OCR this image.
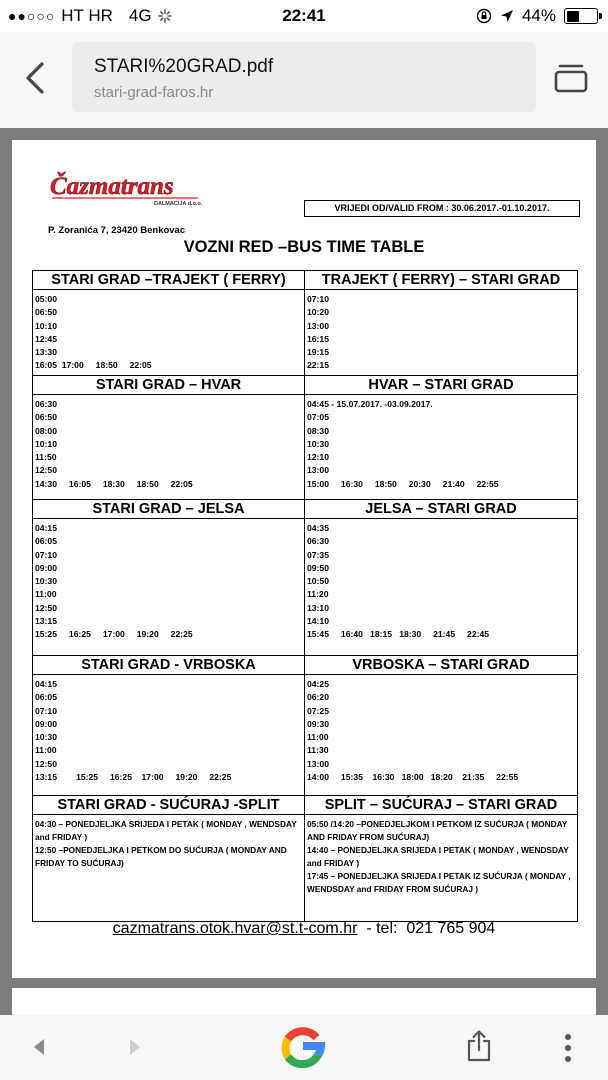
●●○○○ HT HR 4G	22:41	44%
STARI%20GRAD.pdf
stari-grad-faros.hr
Čazmatrans
DALMACIJA d.o.o.	VRIJEDI OD/VALID FROM : 30.06.2017.-01.10.2017.
P. Zoranića 7, 23420 Benkovac
VOZNI RED –BUS TIME TABLE
STARI GRAD –TRAJEKT ( FERRY)
05:00
06:50
10:10
12:45
13:30
16:05  17:00     18:50     22:05
TRAJEKT ( FERRY) – STARI GRAD
07:10
10:20
13:00
16:15
19:15
22:15
STARI GRAD – HVAR
06:30
06:50
08:00
10:10
11:50
12:50
14:30     16:05     18:30     18:50     22:05
HVAR – STARI GRAD
04:45 - 15.07.2017. -03.09.2017.
07:05
08:30
10:30
12:10
13:00
15:00     16:30     18:50     20:30     21:40     22:55
STARI GRAD – JELSA
04:15
06:05
07:10
09:00
10:30
11:00
12:50
13:15
15:25     16:25     17:00     19:20     22:25
JELSA – STARI GRAD
04:35
06:30
07:35
09:50
10:50
11:20
13:10
14:10
15:45     16:40   18:15   18:30     21:45     22:45
STARI GRAD - VRBOSKA
04:15
06:05
07:10
09:00
10:30
11:00
12:50
13:15        15:25     16:25    17:00     19:20     22:25
VRBOSKA – STARI GRAD
04:25
06:20
07:25
09:30
11:00
11:30
13:00
14:00     15:35    16:30   18:00   18:20    21:35     22:55
STARI GRAD - SUĆURAJ -SPLIT

04:30 – PONEDJELJKA SRIJEDA I PETAK ( MONDAY , WENDSDAY and FRIDAY )

12:50 –PONEDJELJKA I PETKOM DO SUĆURJA ( MONDAY AND FRIDAY TO SUĆURAJ)

SPLIT – SUĆURAJ – STARI GRAD

05:50 /14:20 –PONEDJELJKOM I PETKOM IZ SUĆURJA ( MONDAY AND FRIDAY FROM SUĆURAJ)

14:40 – PONEDJELJKA SRIJEDA I PETAK ( MONDAY , WENDSDAY and FRIDAY )

17:45 – PONEDJELJKA SRIJEDA I PETAK IZ SUĆURJA ( MONDAY , WENDSDAY and FRIDAY FROM SUĆURAJ )

cazmatrans.otok.hvar@st.t-com.hr  - tel:  021 765 904
